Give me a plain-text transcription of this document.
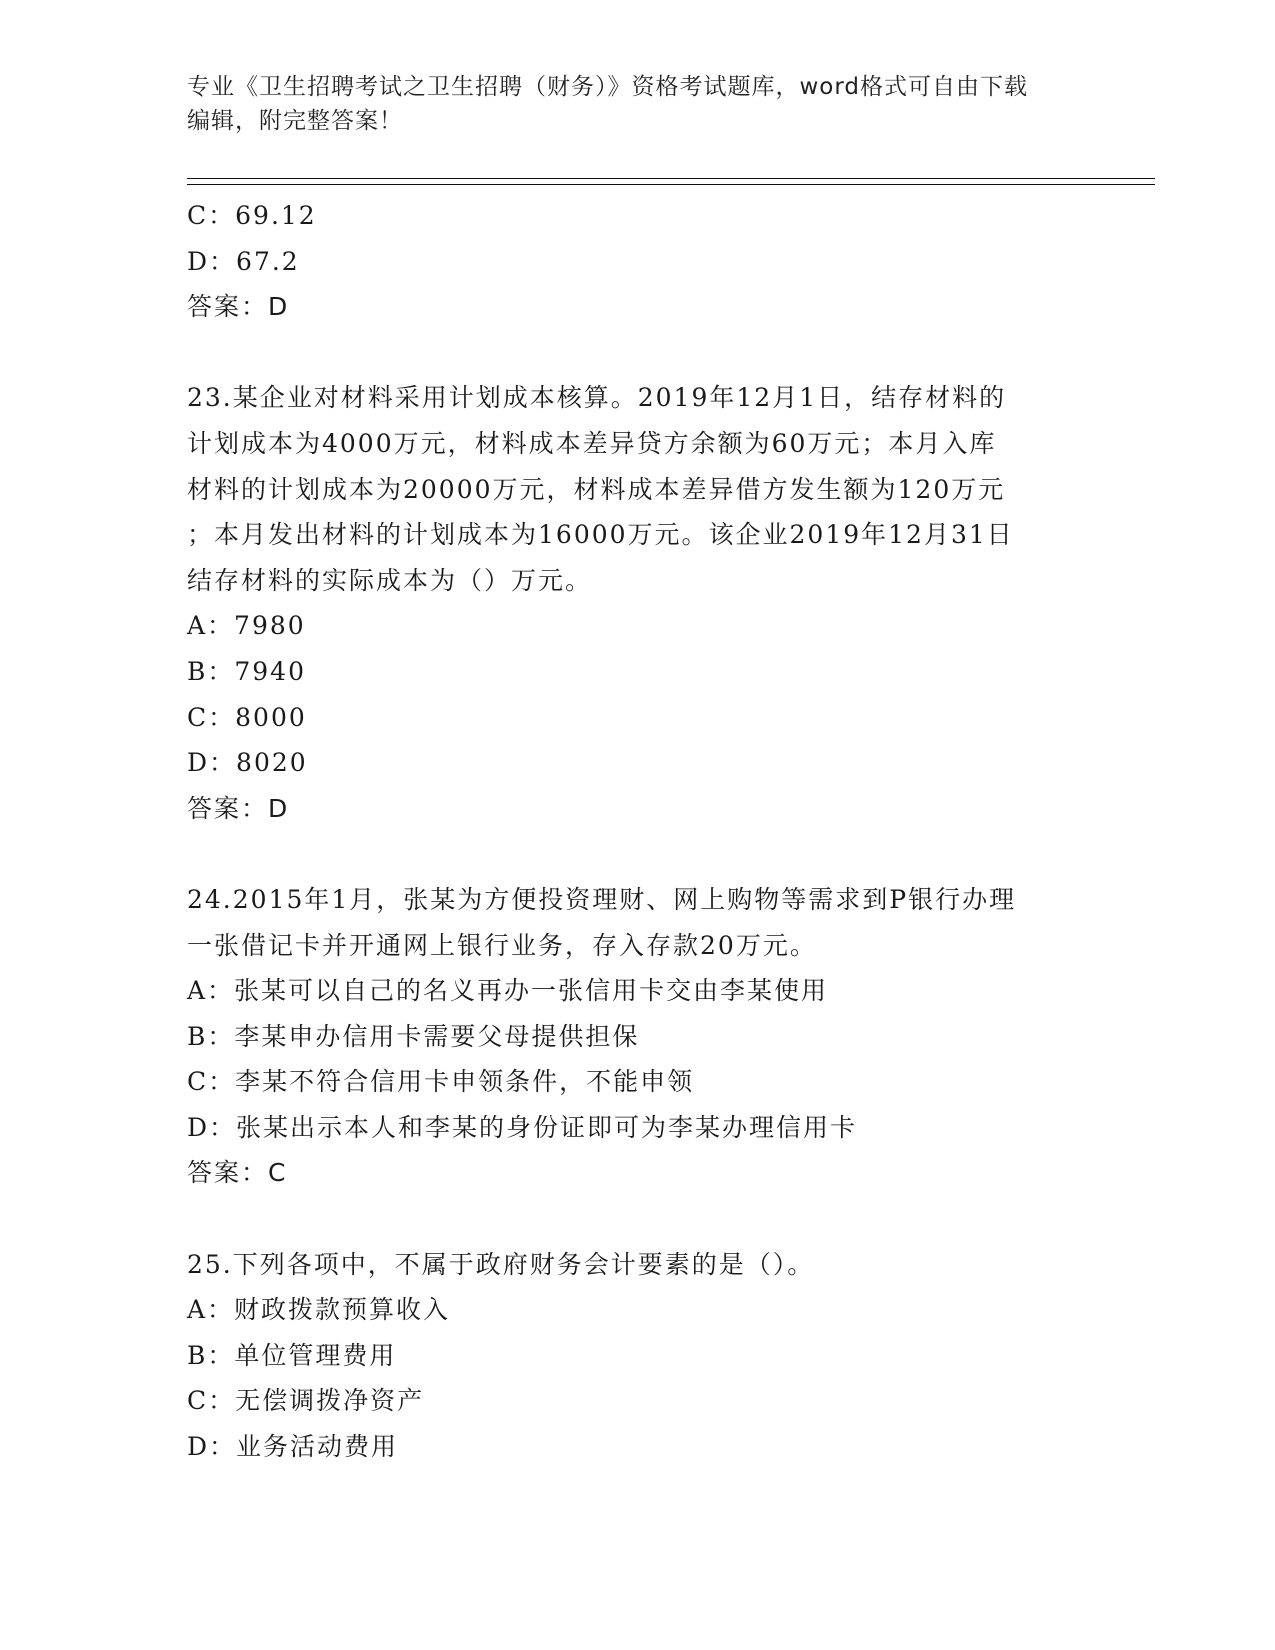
专业《卫生招聘考试之卫生招聘（财务）》资格考试题库，word格式可自由下载

编辑，附完整答案！

C：69.12

D：67.2

答案：D

23.某企业对材料采用计划成本核算。2019年12月1日，结存材料的

计划成本为4000万元，材料成本差异贷方余额为60万元；本月入库

材料的计划成本为20000万元，材料成本差异借方发生额为120万元

；本月发出材料的计划成本为16000万元。该企业2019年12月31日

结存材料的实际成本为（）万元。

A：7980

B：7940

C：8000

D：8020

答案：D

24.2015年1月，张某为方便投资理财、网上购物等需求到P银行办理

一张借记卡并开通网上银行业务，存入存款20万元。

A：张某可以自己的名义再办一张信用卡交由李某使用

B：李某申办信用卡需要父母提供担保

C：李某不符合信用卡申领条件，不能申领

D：张某出示本人和李某的身份证即可为李某办理信用卡

答案：C

25.下列各项中，不属于政府财务会计要素的是（）。

A：财政拨款预算收入

B：单位管理费用

C：无偿调拨净资产

D：业务活动费用
